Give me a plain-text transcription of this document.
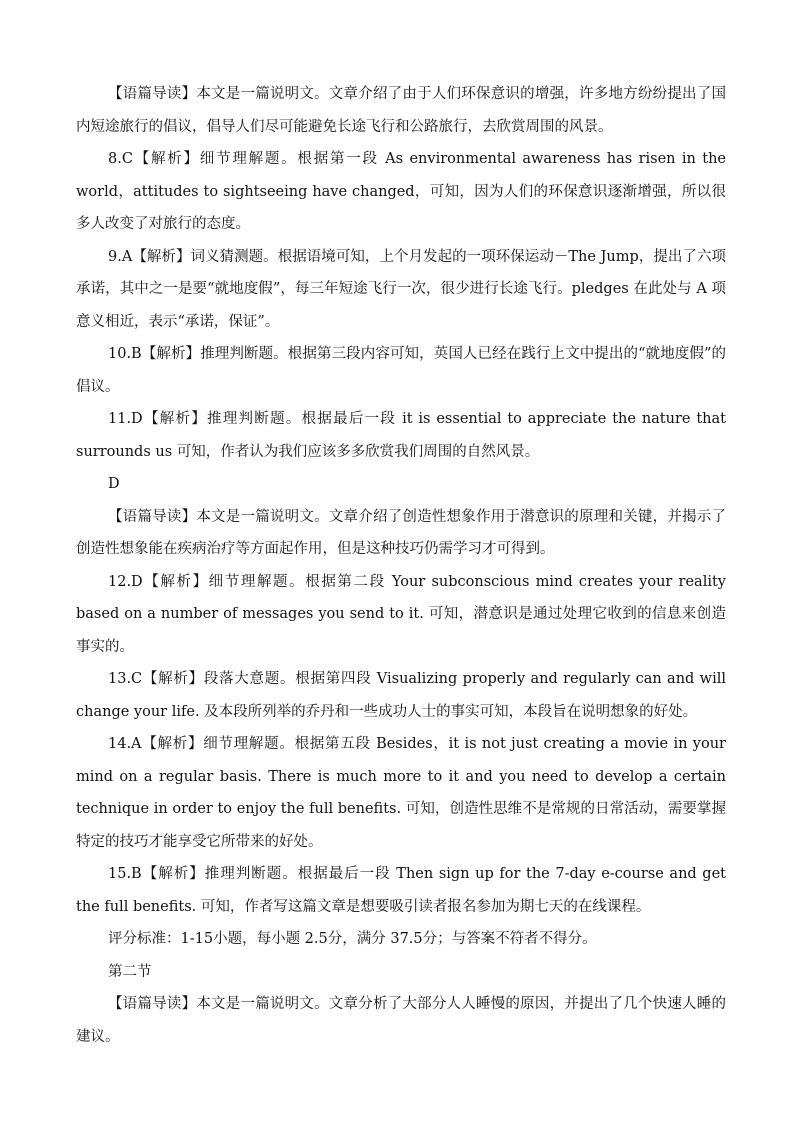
【语篇导读】本文是一篇说明文。文章介绍了由于人们环保意识的增强，许多地方纷纷提出了国内短途旅行的倡议，倡导人们尽可能避免长途飞行和公路旅行，去欣赏周围的风景。

8.C【解析】细节理解题。根据第一段 As environmental awareness has risen in the world，attitudes to sightseeing have changed，可知，因为人们的环保意识逐渐增强，所以很多人改变了对旅行的态度。

9.A【解析】词义猜测题。根据语境可知，上个月发起的一项环保运动－The Jump，提出了六项承诺，其中之一是要“就地度假”，每三年短途飞行一次，很少进行长途飞行。pledges 在此处与 A 项意义相近，表示“承诺，保证”。

10.B【解析】推理判断题。根据第三段内容可知，英国人已经在践行上文中提出的“就地度假”的倡议。

11.D【解析】推理判断题。根据最后一段 it is essential to appreciate the nature that surrounds us 可知，作者认为我们应该多多欣赏我们周围的自然风景。

D

【语篇导读】本文是一篇说明文。文章介绍了创造性想象作用于潜意识的原理和关键，并揭示了创造性想象能在疾病治疗等方面起作用，但是这种技巧仍需学习才可得到。

12.D【解析】细节理解题。根据第二段 Your subconscious mind creates your reality based on a number of messages you send to it. 可知，潜意识是通过处理它收到的信息来创造事实的。

13.C【解析】段落大意题。根据第四段 Visualizing properly and regularly can and will change your life. 及本段所列举的乔丹和一些成功人士的事实可知，本段旨在说明想象的好处。

14.A【解析】细节理解题。根据第五段 Besides，it is not just creating a movie in your mind on a regular basis. There is much more to it and you need to develop a certain technique in order to enjoy the full benefits. 可知，创造性思维不是常规的日常活动，需要掌握特定的技巧才能享受它所带来的好处。

15.B【解析】推理判断题。根据最后一段 Then sign up for the 7-day e-course and get the full benefits. 可知，作者写这篇文章是想要吸引读者报名参加为期七天的在线课程。

评分标准：1-15小题，每小题 2.5分，满分 37.5分；与答案不符者不得分。

第二节

【语篇导读】本文是一篇说明文。文章分析了大部分人人睡慢的原因，并提出了几个快速人睡的建议。
